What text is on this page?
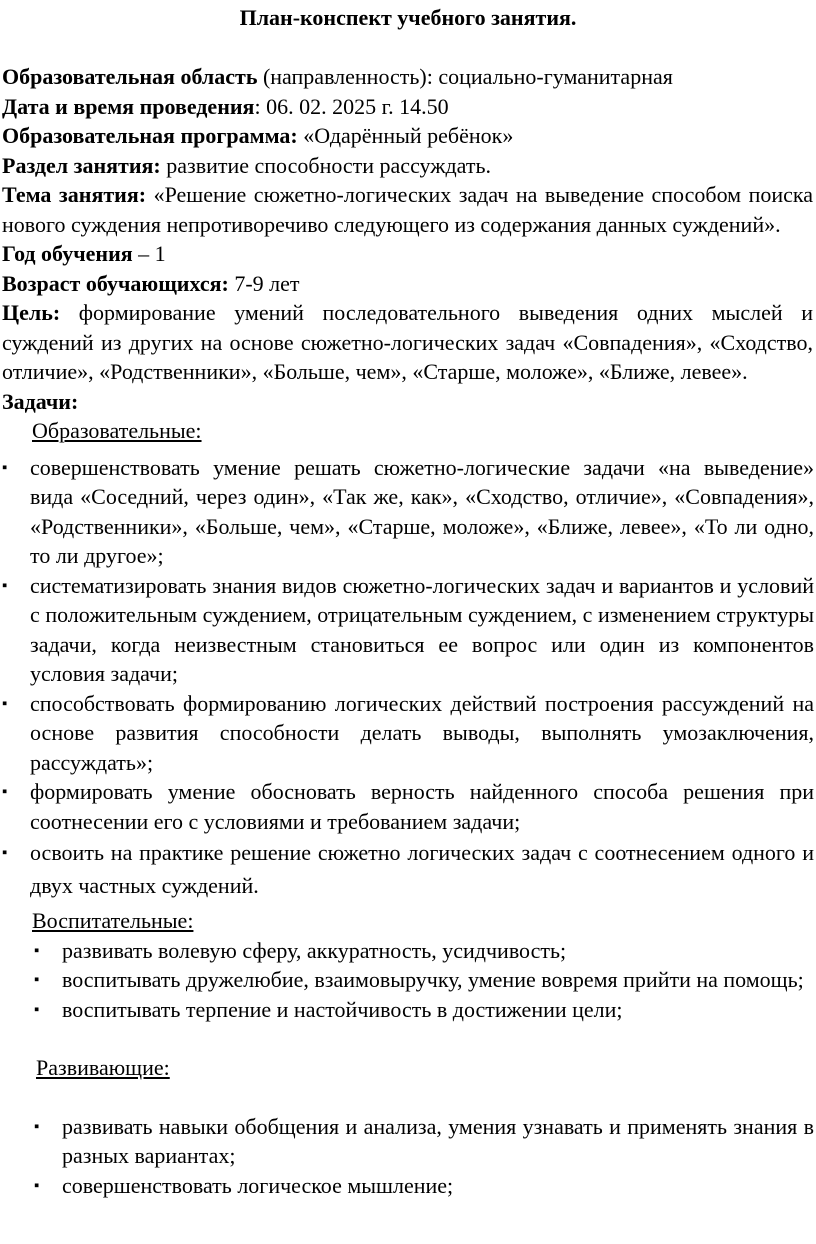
План-конспект учебного занятия.

Образовательная область (направленность): социально-гуманитарная

Дата и время проведения: 06. 02. 2025 г. 14.50

Образовательная программа: «Одарённый ребёнок»

Раздел занятия: развитие способности рассуждать.

Тема занятия: «Решение сюжетно-логических задач на выведение способом поиска нового суждения непротиворечиво следующего из содержания данных суждений».

Год обучения – 1

Возраст обучающихся: 7-9 лет

Цель: формирование умений последовательного выведения одних мыслей и суждений из других на основе сюжетно-логических задач «Совпадения», «Сходство, отличие», «Родственники», «Больше, чем», «Старше, моложе», «Ближе, левее».

Задачи:

Образовательные:

▪ совершенствовать умение решать сюжетно-логические задачи «на выведение» вида «Соседний, через один», «Так же, как», «Сходство, отличие», «Совпадения», «Родственники», «Больше, чем», «Старше, моложе», «Ближе, левее», «То ли одно, то ли другое»;
▪ систематизировать знания видов сюжетно-логических задач и вариантов и условий с положительным суждением, отрицательным суждением, с изменением структуры задачи, когда неизвестным становиться ее вопрос или один из компонентов условия задачи;
▪ способствовать формированию логических действий построения рассуждений на основе развития способности делать выводы, выполнять умозаключения, рассуждать»;
▪ формировать умение обосновать верность найденного способа решения при соотнесении его с условиями и требованием задачи;
▪ освоить на практике решение сюжетно логических задач с соотнесением одного и двух частных суждений.

Воспитательные:

▪ развивать волевую сферу, аккуратность, усидчивость;
▪ воспитывать дружелюбие, взаимовыручку, умение вовремя прийти на помощь;
▪ воспитывать терпение и настойчивость в достижении цели;

Развивающие:

▪ развивать навыки обобщения и анализа, умения узнавать и применять знания в разных вариантах;
▪ совершенствовать логическое мышление;
